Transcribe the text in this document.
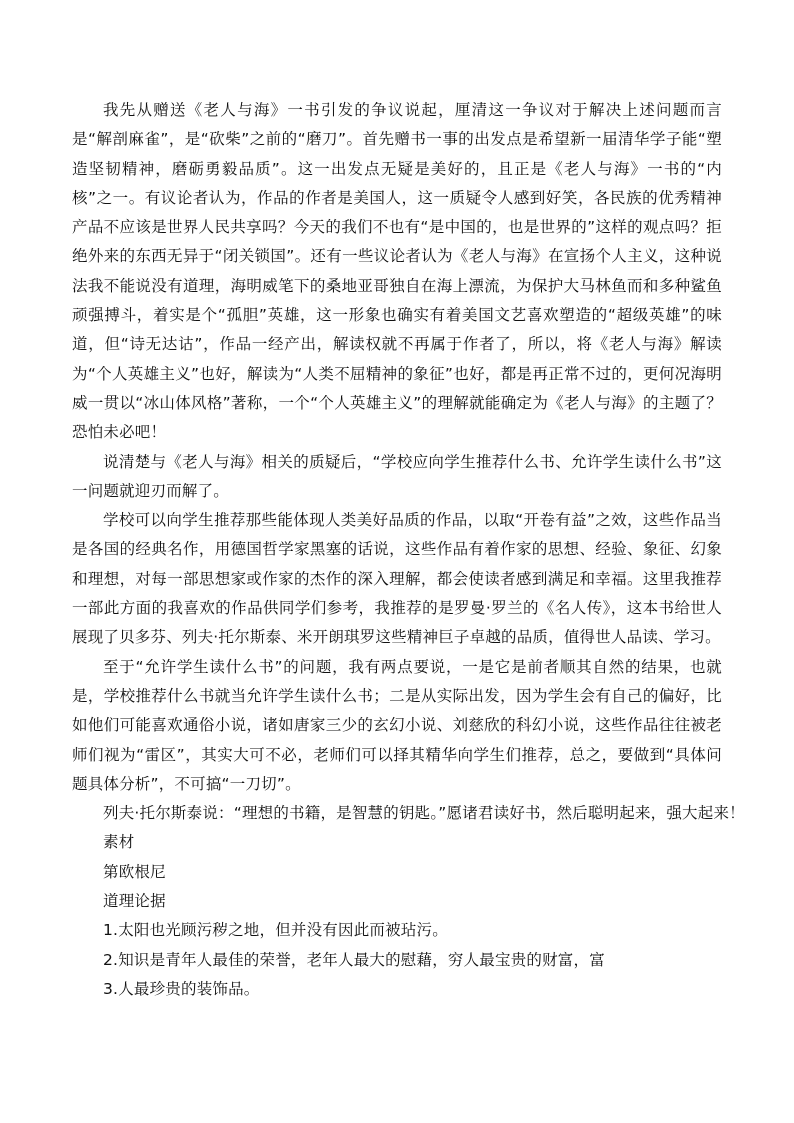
我先从赠送《老人与海》一书引发的争议说起，厘清这一争议对于解决上述问题而言是“解剖麻雀”，是“砍柴”之前的“磨刀”。首先赠书一事的出发点是希望新一届清华学子能“塑造坚韧精神，磨砺勇毅品质”。这一出发点无疑是美好的，且正是《老人与海》一书的“内核”之一。有议论者认为，作品的作者是美国人，这一质疑令人感到好笑，各民族的优秀精神产品不应该是世界人民共享吗？今天的我们不也有“是中国的，也是世界的”这样的观点吗？拒绝外来的东西无异于“闭关锁国”。还有一些议论者认为《老人与海》在宣扬个人主义，这种说法我不能说没有道理，海明威笔下的桑地亚哥独自在海上漂流，为保护大马林鱼而和多种鲨鱼顽强搏斗，着实是个“孤胆”英雄，这一形象也确实有着美国文艺喜欢塑造的“超级英雄”的味道，但“诗无达诂”，作品一经产出，解读权就不再属于作者了，所以，将《老人与海》解读为“个人英雄主义”也好，解读为“人类不屈精神的象征”也好，都是再正常不过的，更何况海明威一贯以“冰山体风格”著称，一个“个人英雄主义”的理解就能确定为《老人与海》的主题了？恐怕未必吧！

说清楚与《老人与海》相关的质疑后，“学校应向学生推荐什么书、允许学生读什么书”这一问题就迎刃而解了。

学校可以向学生推荐那些能体现人类美好品质的作品，以取“开卷有益”之效，这些作品当是各国的经典名作，用德国哲学家黑塞的话说，这些作品有着作家的思想、经验、象征、幻象和理想，对每一部思想家或作家的杰作的深入理解，都会使读者感到满足和幸福。这里我推荐一部此方面的我喜欢的作品供同学们参考，我推荐的是罗曼·罗兰的《名人传》，这本书给世人展现了贝多芬、列夫·托尔斯泰、米开朗琪罗这些精神巨子卓越的品质，值得世人品读、学习。

至于“允许学生读什么书”的问题，我有两点要说，一是它是前者顺其自然的结果，也就是，学校推荐什么书就当允许学生读什么书；二是从实际出发，因为学生会有自己的偏好，比如他们可能喜欢通俗小说，诸如唐家三少的玄幻小说、刘慈欣的科幻小说，这些作品往往被老师们视为“雷区”，其实大可不必，老师们可以择其精华向学生们推荐，总之，要做到“具体问题具体分析”，不可搞“一刀切”。

列夫·托尔斯泰说：“理想的书籍，是智慧的钥匙。”愿诸君读好书，然后聪明起来，强大起来！

素材

第欧根尼

道理论据

1.太阳也光顾污秽之地，但并没有因此而被玷污。

2.知识是青年人最佳的荣誉，老年人最大的慰藉，穷人最宝贵的财富，富

3.人最珍贵的装饰品。
